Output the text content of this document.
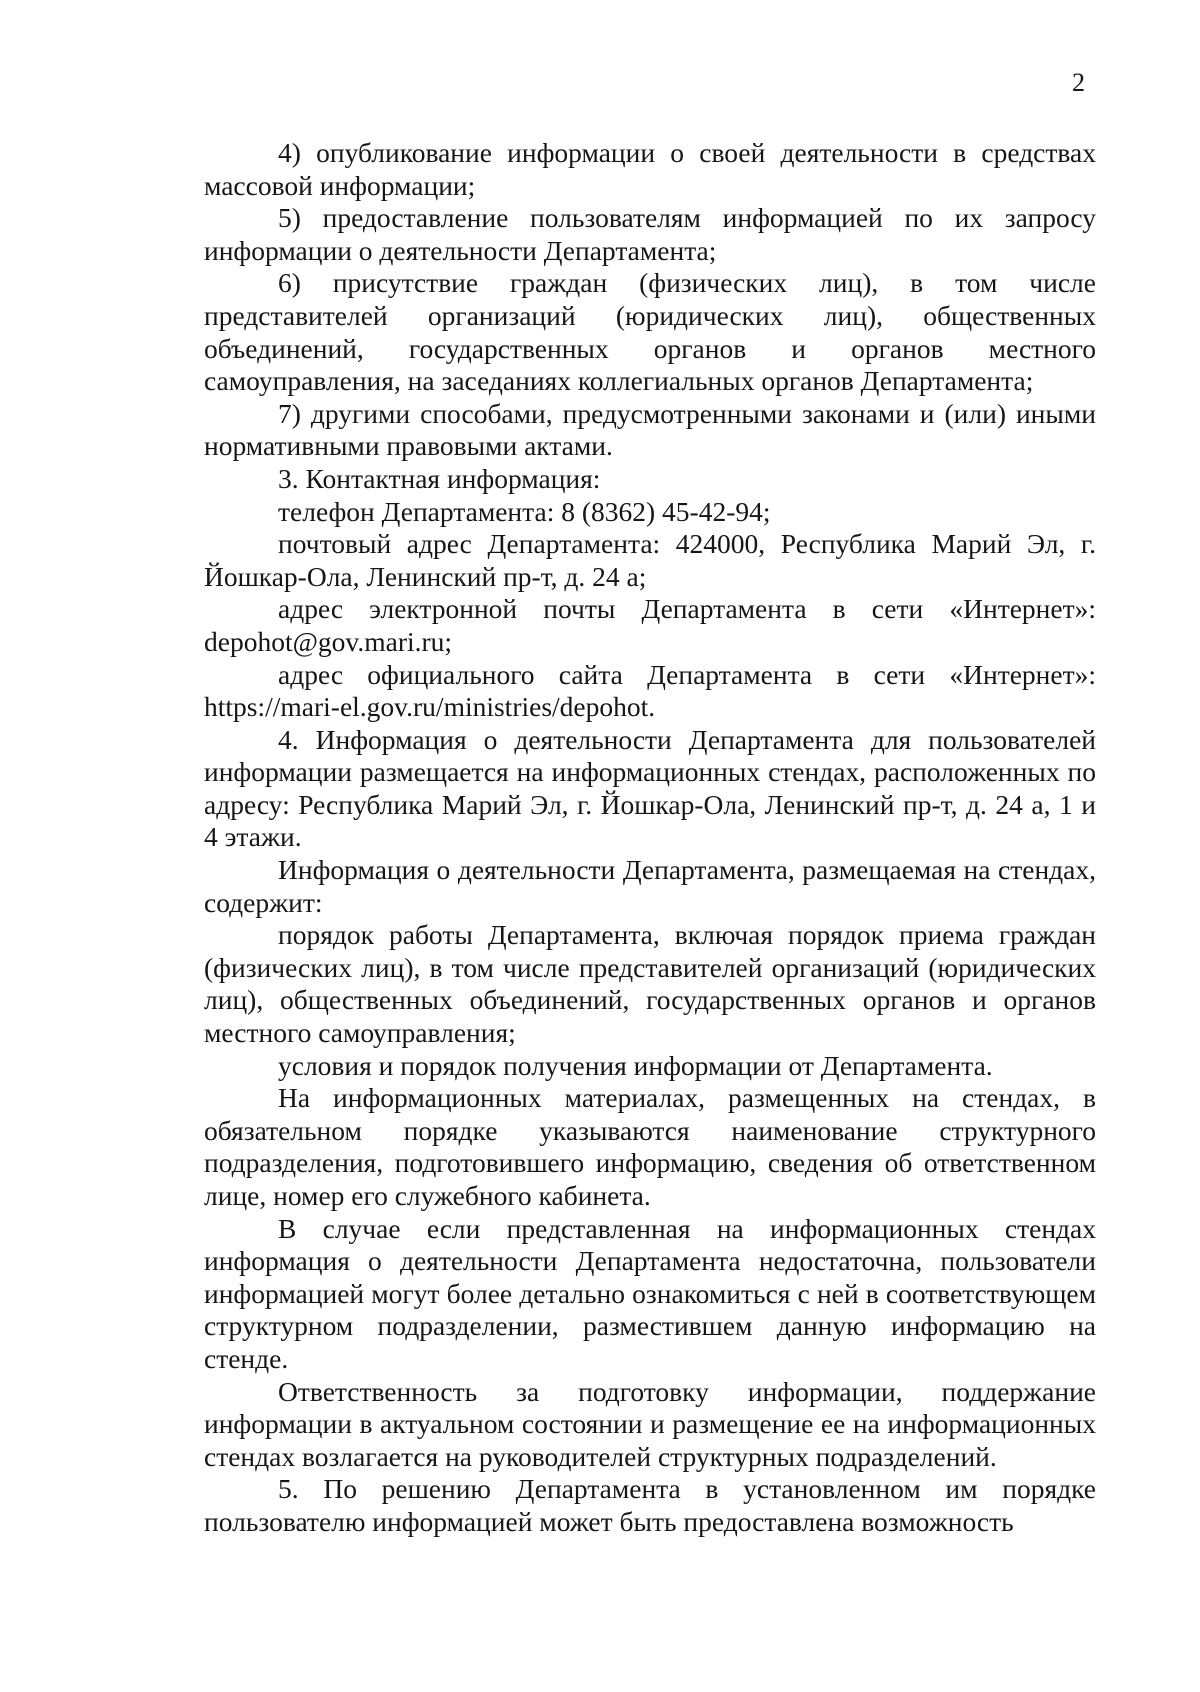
2

4) опубликование информации о своей деятельности в средствах массовой информации;

5) предоставление пользователям информацией по их запросу информации о деятельности Департамента;

6) присутствие граждан (физических лиц), в том числе представителей организаций (юридических лиц), общественных объединений, государственных органов и органов местного самоуправления, на заседаниях коллегиальных органов Департамента;

7) другими способами, предусмотренными законами и (или) иными нормативными правовыми актами.

3. Контактная информация:

телефон Департамента: 8 (8362) 45-42-94;

почтовый адрес Департамента: 424000, Республика Марий Эл, г. Йошкар-Ола, Ленинский пр-т, д. 24 а;

адрес электронной почты Департамента в сети «Интернет»: depohot@gov.mari.ru;

адрес официального сайта Департамента в сети «Интернет»: https://mari-el.gov.ru/ministries/depohot.

4. Информация о деятельности Департамента для пользователей информации размещается на информационных стендах, расположенных по адресу: Республика Марий Эл, г. Йошкар-Ола, Ленинский пр-т, д. 24 а, 1 и 4 этажи.

Информация о деятельности Департамента, размещаемая на стендах, содержит:

порядок работы Департамента, включая порядок приема граждан (физических лиц), в том числе представителей организаций (юридических лиц), общественных объединений, государственных органов и органов местного самоуправления;

условия и порядок получения информации от Департамента.

На информационных материалах, размещенных на стендах, в обязательном порядке указываются наименование структурного подразделения, подготовившего информацию, сведения об ответственном лице, номер его служебного кабинета.

В случае если представленная на информационных стендах информация о деятельности Департамента недостаточна, пользователи информацией могут более детально ознакомиться с ней в соответствующем структурном подразделении, разместившем данную информацию на стенде.

Ответственность за подготовку информации, поддержание информации в актуальном состоянии и размещение ее на информационных стендах возлагается на руководителей структурных подразделений.

5. По решению Департамента в установленном им порядке пользователю информацией может быть предоставлена возможность
